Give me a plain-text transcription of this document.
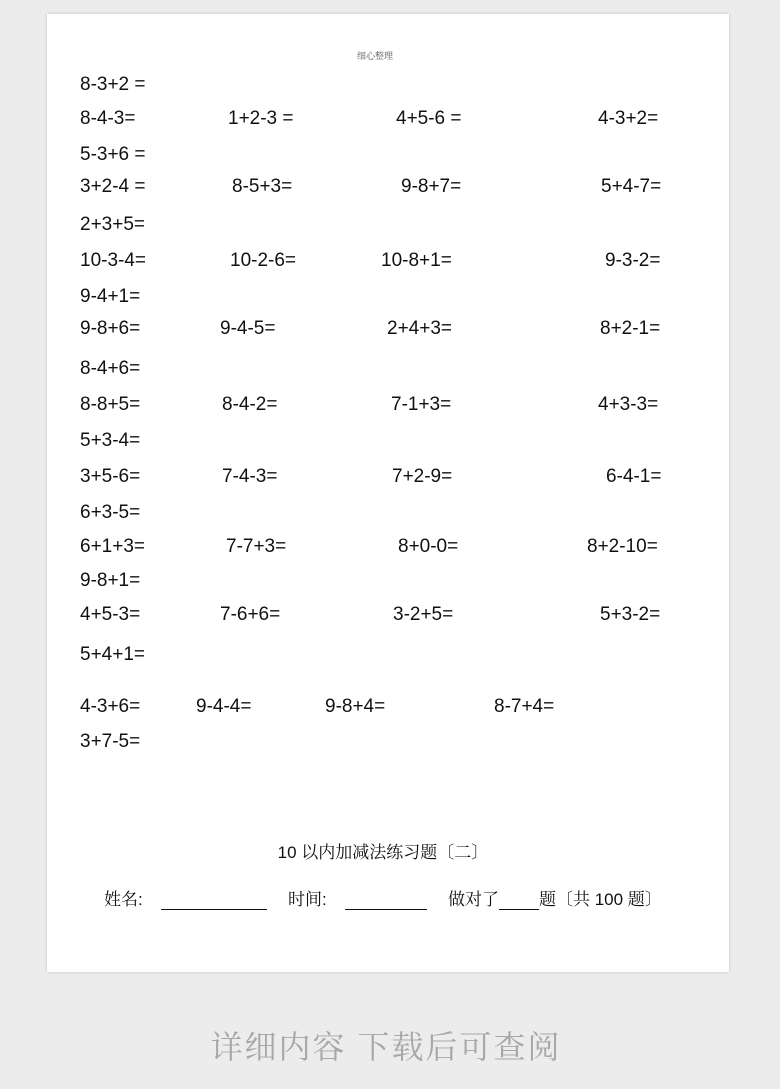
细心整理
8-3+2 =
8-4-3=	1+2-3 =	4+5-6 =	4-3+2=
5-3+6 =
3+2-4 =	8-5+3=	9-8+7=	5+4-7=
2+3+5=
10-3-4=	10-2-6=	10-8+1=	9-3-2=
9-4+1=
9-8+6=	9-4-5=	2+4+3=	8+2-1=
8-4+6=
8-8+5=	8-4-2=	7-1+3=	4+3-3=
5+3-4=
3+5-6=	7-4-3=	7+2-9=	6-4-1=
6+3-5=
6+1+3=	7-7+3=	8+0-0=	8+2-10=
9-8+1=
4+5-3=	7-6+6=	3-2+5=	5+3-2=
5+4+1=
4-3+6=	9-4-4=	9-8+4=	8-7+4=
3+7-5=
10 以内加减法练习题〔二〕
姓名:	时间:	做对了 题〔共 100 题〕
详细内容 下载后可查阅
